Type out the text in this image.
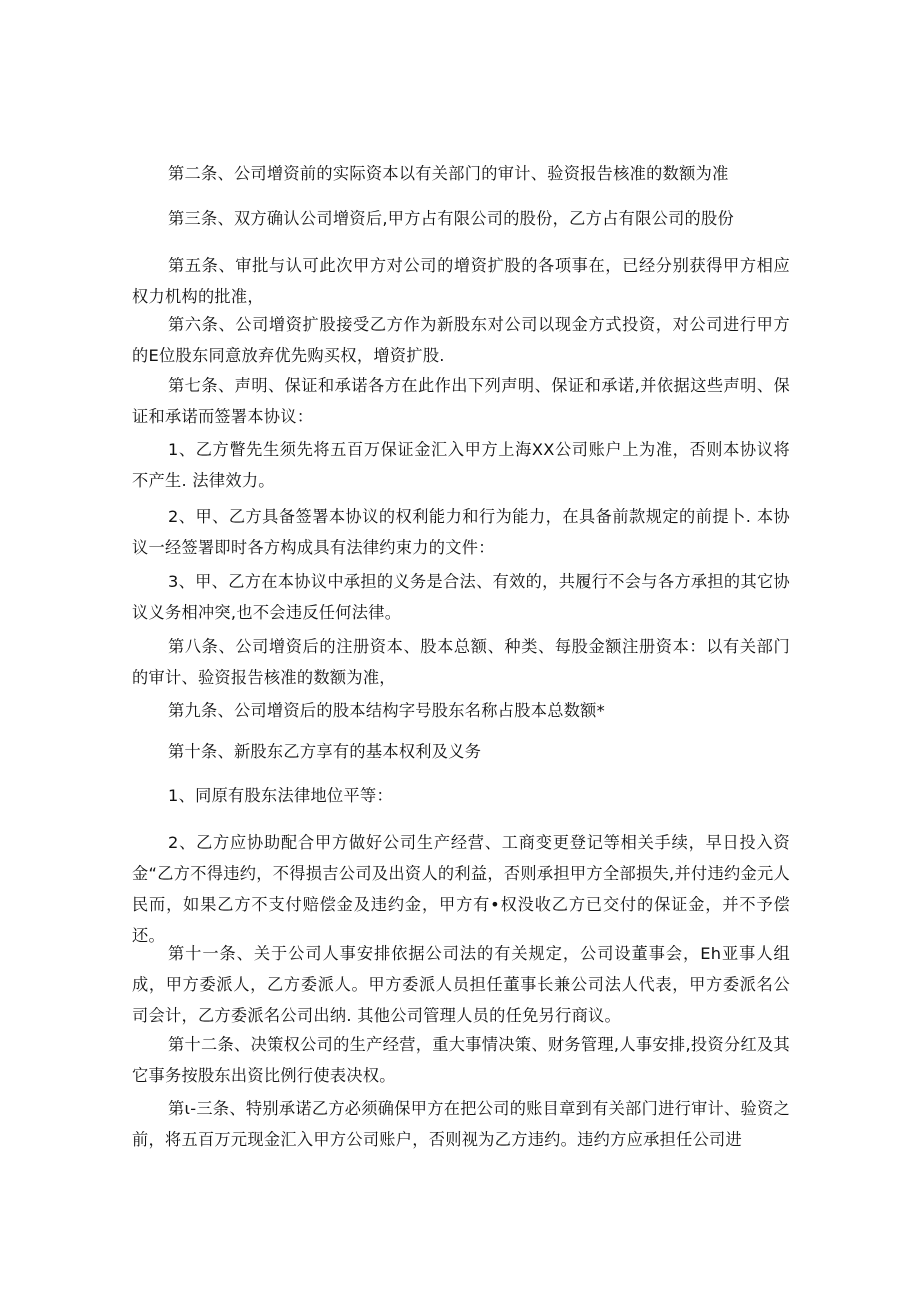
第二条、公司增资前的实际资本以有关部门的审计、验资报告核准的数额为准

第三条、双方确认公司增资后,甲方占有限公司的股份，乙方占有限公司的股份

第五条、审批与认可此次甲方对公司的增资扩股的各项事在，已经分别获得甲方相应权力机构的批准，

第六条、公司增资扩股接受乙方作为新股东对公司以现金方式投资，对公司进行甲方的E位股东同意放弃优先购买权，增资扩股.

第七条、声明、保证和承诺各方在此作出下列声明、保证和承诺,并依据这些声明、保证和承诺而签署本协议：

1、乙方瞥先生须先将五百万保证金汇入甲方上海XX公司账户上为准，否则本协议将不产生. 法律效力。

2、甲、乙方具备签署本协议的权利能力和行为能力，在具备前款规定的前提卜. 本协议一经签署即时各方构成具有法律约束力的文件：

3、甲、乙方在本协议中承担的义务是合法、有效的，共履行不会与各方承担的其它协议义务相冲突,也不会违反任何法律。

第八条、公司增资后的注册资本、股本总额、种类、每股金额注册资本：以有关部门的审计、验资报告核准的数额为准，

第九条、公司增资后的股本结构字号股东名称占股本总数额*

第十条、新股东乙方享有的基本权利及义务

1、同原有股东法律地位平等：

2、乙方应协助配合甲方做好公司生产经营、工商变更登记等相关手续，早日投入资金“乙方不得违约，不得损吉公司及出资人的利益，否则承担甲方全部损失,并付违约金元人民而，如果乙方不支付赔偿金及违约金，甲方有•权没收乙方已交付的保证金，并不予偿还。

第十一条、关于公司人事安排依据公司法的有关规定，公司设董事会，Eh亚事人组成，甲方委派人，乙方委派人。甲方委派人员担任董事长兼公司法人代表，甲方委派名公司会计，乙方委派名公司出纳. 其他公司管理人员的任免另行商议。

第十二条、决策权公司的生产经营，重大事情决策、财务管理,人事安排,投资分红及其它事务按股东出资比例行使表决权。

第ι-三条、特别承诺乙方必须确保甲方在把公司的账目章到有关部门进行审计、验资之前，将五百万元现金汇入甲方公司账户，否则视为乙方违约。违约方应承担任公司进
